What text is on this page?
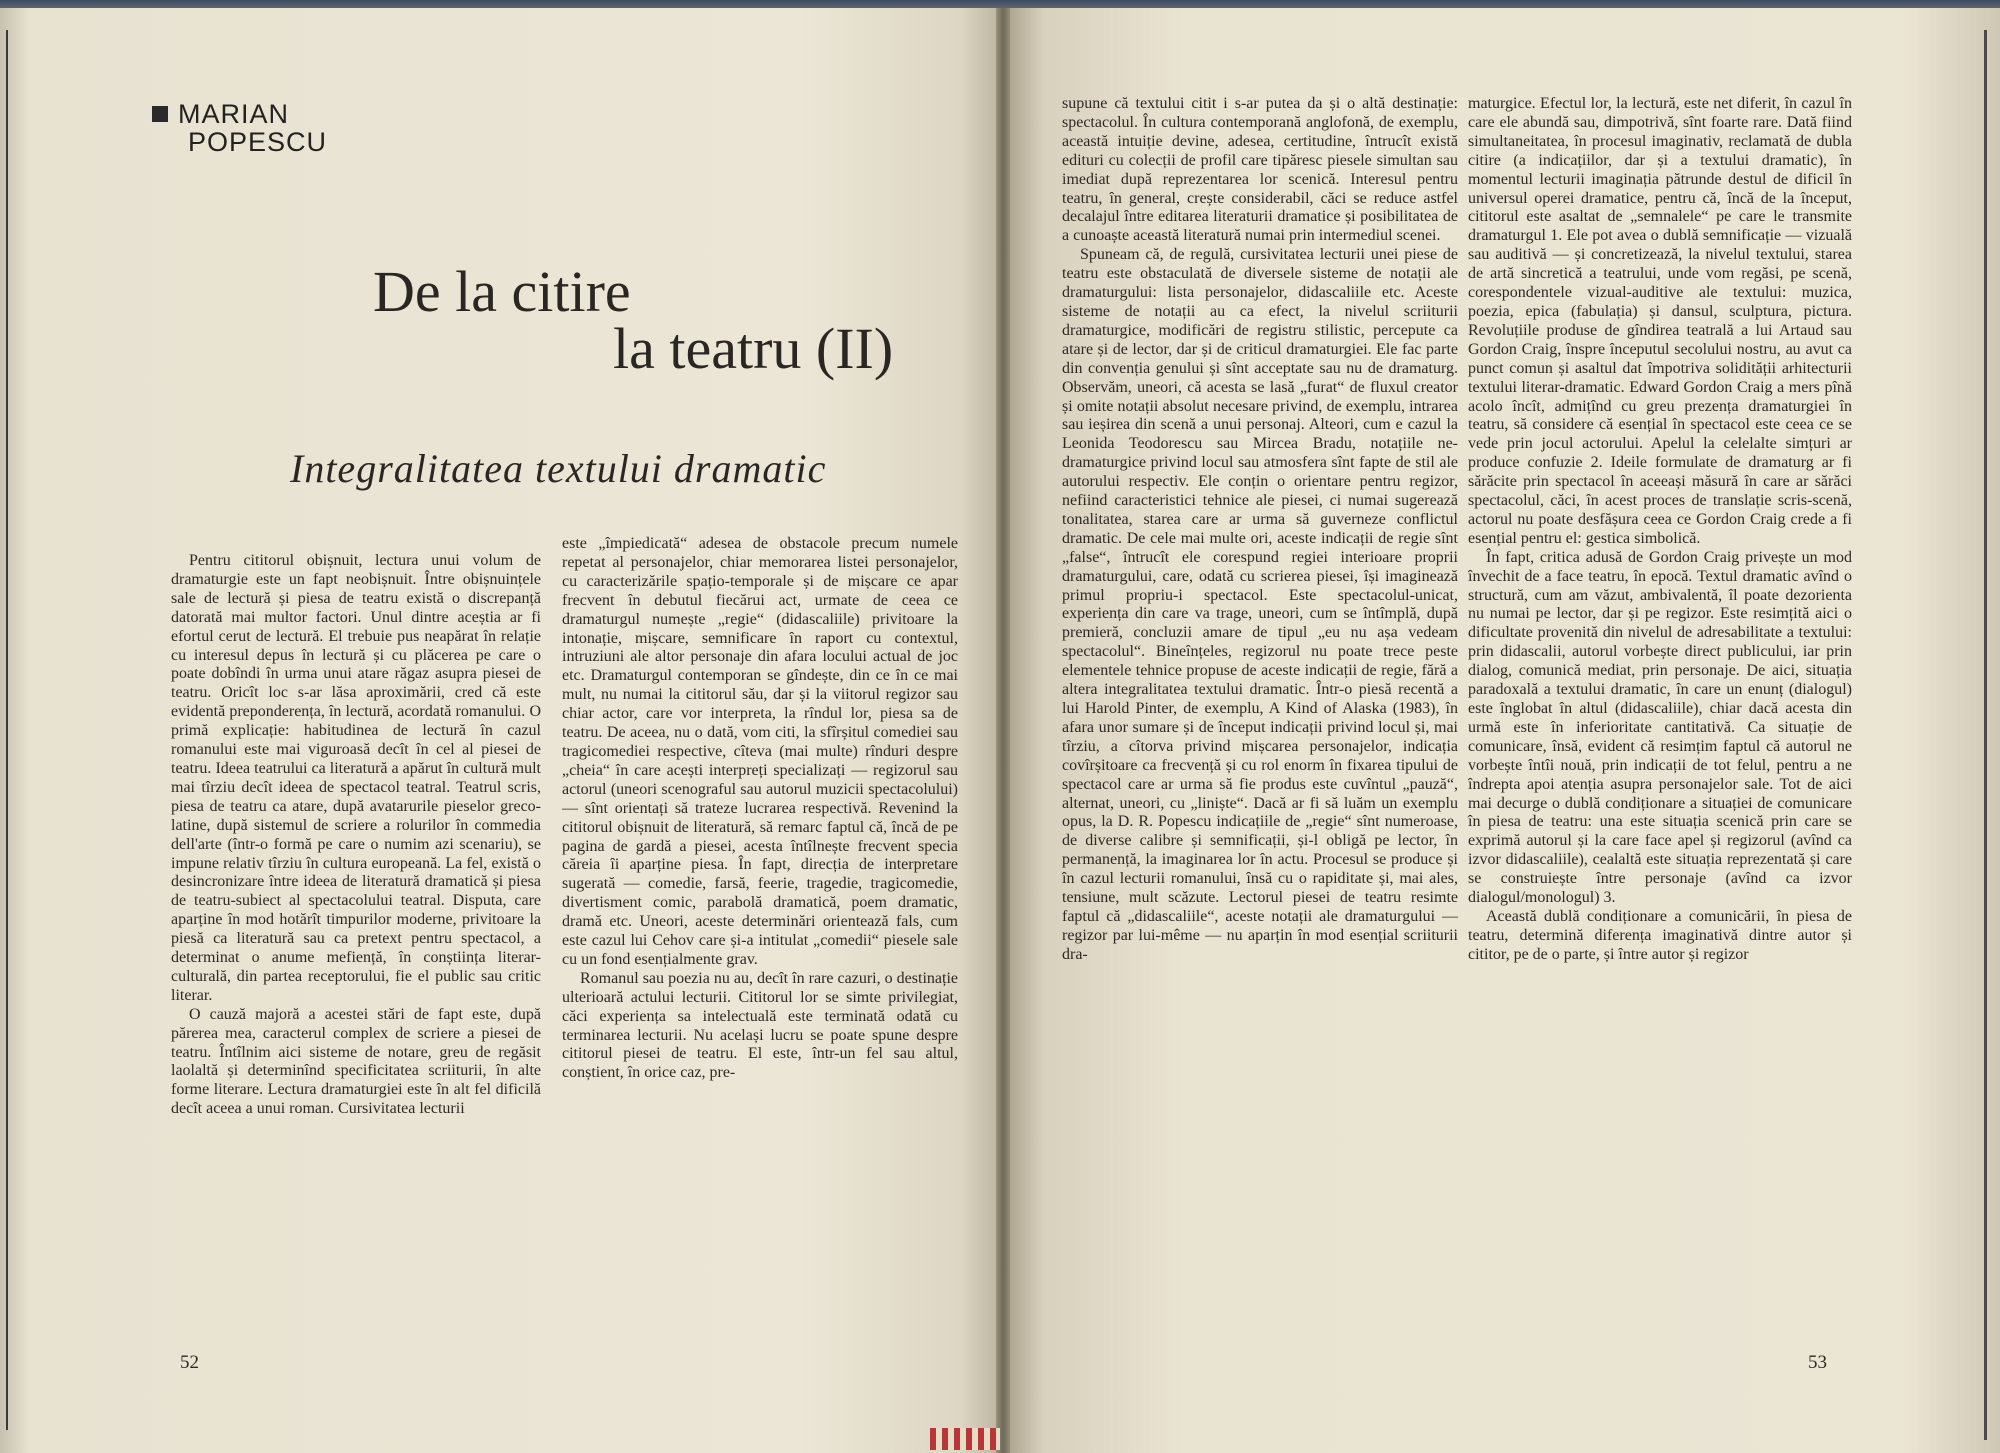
MARIAN
POPESCU
De la citire
la teatru (II)
Integralitatea textului dramatic

Pentru cititorul obișnuit, lectura unui volum de dramaturgie este un fapt neobișnuit. Între obișnuințele sale de lectură și piesa de teatru există o discrepanță datorată mai multor factori. Unul dintre aceștia ar fi efortul cerut de lectură. El trebuie pus neapărat în relație cu interesul depus în lectură și cu plăcerea pe care o poate dobîndi în urma unui atare răgaz asupra piesei de teatru. Oricît loc s-ar lăsa aproximării, cred că este evidentă preponderența, în lectură, acordată romanului. O primă explicație: habitudinea de lectură în cazul romanului este mai viguroasă decît în cel al piesei de teatru. Ideea teatrului ca literatură a apărut în cultură mult mai tîrziu decît ideea de spectacol teatral. Teatrul scris, piesa de teatru ca atare, după avatarurile pieselor greco-latine, după sistemul de scriere a rolurilor în commedia dell'arte (într-o formă pe care o numim azi scenariu), se impune relativ tîrziu în cultura europeană. La fel, există o desincronizare între ideea de literatură dramatică și piesa de teatru-subiect al spectacolului teatral. Disputa, care aparține în mod hotărît timpurilor moderne, privitoare la piesă ca literatură sau ca pretext pentru spectacol, a determinat o anume mefiență, în conștiința literar-culturală, din partea receptorului, fie el public sau critic literar.

O cauză majoră a acestei stări de fapt este, după părerea mea, caracterul complex de scriere a piesei de teatru. Întîlnim aici sisteme de notare, greu de regăsit laolaltă și determinînd specificitatea scriiturii, în alte forme literare. Lectura dramaturgiei este în alt fel dificilă decît aceea a unui roman. Cursivitatea lecturii

este „împiedicată“ adesea de obstacole precum numele repetat al personajelor, chiar memorarea listei personajelor, cu caracterizările spațio-temporale și de mișcare ce apar frecvent în debutul fiecărui act, urmate de ceea ce dramaturgul numește „regie“ (didascaliile) privitoare la intonație, mișcare, semnificare în raport cu contextul, intruziuni ale altor personaje din afara locului actual de joc etc. Dramaturgul contemporan se gîndește, din ce în ce mai mult, nu numai la cititorul său, dar și la viitorul regizor sau chiar actor, care vor interpreta, la rîndul lor, piesa sa de teatru. De aceea, nu o dată, vom citi, la sfîrșitul comediei sau tragicomediei respective, cîteva (mai multe) rînduri despre „cheia“ în care acești interpreți specializați — regizorul sau actorul (uneori scenograful sau autorul muzicii spectacolului) — sînt orientați să trateze lucrarea respectivă. Revenind la cititorul obișnuit de literatură, să remarc faptul că, încă de pe pagina de gardă a piesei, acesta întîlnește frecvent specia căreia îi aparține piesa. În fapt, direcția de interpretare sugerată — comedie, farsă, feerie, tragedie, tragicomedie, divertisment comic, parabolă dramatică, poem dramatic, dramă etc. Uneori, aceste determinări orientează fals, cum este cazul lui Cehov care și-a intitulat „comedii“ piesele sale cu un fond esențialmente grav.

Romanul sau poezia nu au, decît în rare cazuri, o destinație ulterioară actului lecturii. Cititorul lor se simte privilegiat, căci experiența sa intelectuală este terminată odată cu terminarea lecturii. Nu același lucru se poate spune despre cititorul piesei de teatru. El este, într-un fel sau altul, conștient, în orice caz, pre-

supune că textului citit i s-ar putea da și o altă destinație: spectacolul. În cultura contemporană anglofonă, de exemplu, această intuiție devine, adesea, certitudine, întrucît există edituri cu colecții de profil care tipăresc piesele simultan sau imediat după reprezentarea lor scenică. Interesul pentru teatru, în general, crește considerabil, căci se reduce astfel decalajul între editarea literaturii dramatice și posibilitatea de a cunoaște această literatură numai prin intermediul scenei.

Spuneam că, de regulă, cursivitatea lecturii unei piese de teatru este obstaculată de diversele sisteme de notații ale dramaturgului: lista personajelor, didascaliile etc. Aceste sisteme de notații au ca efect, la nivelul scriiturii dramaturgice, modificări de registru stilistic, percepute ca atare și de lector, dar și de criticul dramaturgiei. Ele fac parte din convenția genului și sînt acceptate sau nu de dramaturg. Observăm, uneori, că acesta se lasă „furat“ de fluxul creator și omite notații absolut necesare privind, de exemplu, intrarea sau ieșirea din scenă a unui personaj. Alteori, cum e cazul la Leonida Teodorescu sau Mircea Bradu, notațiile ne-dramaturgice privind locul sau atmosfera sînt fapte de stil ale autorului respectiv. Ele conțin o orientare pentru regizor, nefiind caracteristici tehnice ale piesei, ci numai sugerează tonalitatea, starea care ar urma să guverneze conflictul dramatic. De cele mai multe ori, aceste indicații de regie sînt „false“, întrucît ele corespund regiei interioare proprii dramaturgului, care, odată cu scrierea piesei, își imaginează primul propriu-i spectacol. Este spectacolul-unicat, experiența din care va trage, uneori, cum se întîmplă, după premieră, concluzii amare de tipul „eu nu așa vedeam spectacolul“. Bineînțeles, regizorul nu poate trece peste elementele tehnice propuse de aceste indicații de regie, fără a altera integralitatea textului dramatic. Într-o piesă recentă a lui Harold Pinter, de exemplu, A Kind of Alaska (1983), în afara unor sumare și de început indicații privind locul și, mai tîrziu, a cîtorva privind mișcarea personajelor, indicația covîrșitoare ca frecvență și cu rol enorm în fixarea tipului de spectacol care ar urma să fie produs este cuvîntul „pauză“, alternat, uneori, cu „liniște“. Dacă ar fi să luăm un exemplu opus, la D. R. Popescu indicațiile de „regie“ sînt numeroase, de diverse calibre și semnificații, și-l obligă pe lector, în permanență, la imaginarea lor în actu. Procesul se produce și în cazul lecturii romanului, însă cu o rapiditate și, mai ales, tensiune, mult scăzute. Lectorul piesei de teatru resimte faptul că „didascaliile“, aceste notații ale dramaturgului — regizor par lui-même — nu aparțin în mod esențial scriiturii dra-

maturgice. Efectul lor, la lectură, este net diferit, în cazul în care ele abundă sau, dimpotrivă, sînt foarte rare. Dată fiind simultaneitatea, în procesul imaginativ, reclamată de dubla citire (a indicațiilor, dar și a textului dramatic), în momentul lecturii imaginația pătrunde destul de dificil în universul operei dramatice, pentru că, încă de la început, cititorul este asaltat de „semnalele“ pe care le transmite dramaturgul 1. Ele pot avea o dublă semnificație — vizuală sau auditivă — și concretizează, la nivelul textului, starea de artă sincretică a teatrului, unde vom regăsi, pe scenă, corespondentele vizual-auditive ale textului: muzica, poezia, epica (fabulația) și dansul, sculptura, pictura. Revoluțiile produse de gîndirea teatrală a lui Artaud sau Gordon Craig, înspre începutul secolului nostru, au avut ca punct comun și asaltul dat împotriva solidității arhitecturii textului literar-dramatic. Edward Gordon Craig a mers pînă acolo încît, admițînd cu greu prezența dramaturgiei în teatru, să considere că esențial în spectacol este ceea ce se vede prin jocul actorului. Apelul la celelalte simțuri ar produce confuzie 2. Ideile formulate de dramaturg ar fi sărăcite prin spectacol în aceeași măsură în care ar sărăci spectacolul, căci, în acest proces de translație scris-scenă, actorul nu poate desfășura ceea ce Gordon Craig crede a fi esențial pentru el: gestica simbolică.

În fapt, critica adusă de Gordon Craig privește un mod învechit de a face teatru, în epocă. Textul dramatic avînd o structură, cum am văzut, ambivalentă, îl poate dezorienta nu numai pe lector, dar și pe regizor. Este resimțită aici o dificultate provenită din nivelul de adresabilitate a textului: prin didascalii, autorul vorbește direct publicului, iar prin dialog, comunică mediat, prin personaje. De aici, situația paradoxală a textului dramatic, în care un enunț (dialogul) este înglobat în altul (didascaliile), chiar dacă acesta din urmă este în inferioritate cantitativă. Ca situație de comunicare, însă, evident că resimțim faptul că autorul ne vorbește întîi nouă, prin indicații de tot felul, pentru a ne îndrepta apoi atenția asupra personajelor sale. Tot de aici mai decurge o dublă condiționare a situației de comunicare în piesa de teatru: una este situația scenică prin care se exprimă autorul și la care face apel și regizorul (avînd ca izvor didascaliile), cealaltă este situația reprezentată și care se construiește între personaje (avînd ca izvor dialogul/monologul) 3.

Această dublă condiționare a comunicării, în piesa de teatru, determină diferența imaginativă dintre autor și cititor, pe de o parte, și între autor și regizor

52	53
